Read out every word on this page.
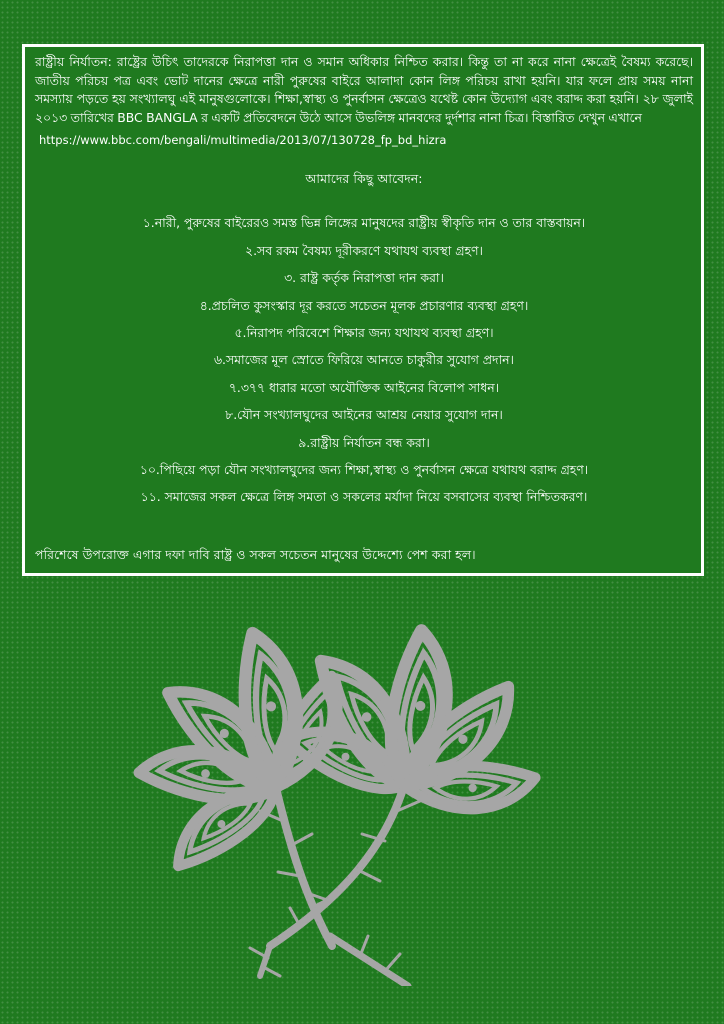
রাষ্ট্রীয় নির্যাতন: রাষ্ট্রের উচিৎ তাদেরকে নিরাপত্তা দান ও সমান অধিকার নিশ্চিত করার। কিন্তু তা না করে নানা ক্ষেত্রেই বৈষম্য করেছে। জাতীয় পরিচয় পত্র এবং ভোট দানের ক্ষেত্রে নারী পুরুষের বাইরে আলাদা কোন লিঙ্গ পরিচয় রাখা হয়নি। যার ফলে প্রায় সময় নানা সমস্যায় পড়তে হয় সংখ্যালঘু এই মানুষগুলোকে। শিক্ষা,স্বাস্থ্য ও পুনর্বাসন ক্ষেত্রেও যথেষ্ট কোন উদ্যোগ এবং বরাদ্দ করা হয়নি। ২৮ জুলাই ২০১৩ তারিখের BBC BANGLA র একটি প্রতিবেদনে উঠে আসে উভলিঙ্গ মানবদের দুর্দশার নানা চিত্র। বিস্তারিত দেখুন এখানে

https://www.bbc.com/bengali/multimedia/2013/07/130728_fp_bd_hizra

আমাদের কিছু আবেদন:

১.নারী, পুরুষের বাইরেরও সমস্ত ভিন্ন লিঙ্গের মানুষদের রাষ্ট্রীয় স্বীকৃতি দান ও তার বাস্তবায়ন।
২.সব রকম বৈষম্য দূরীকরণে যথাযথ ব্যবস্থা গ্রহণ।
৩. রাষ্ট্র কর্তৃক নিরাপত্তা দান করা।
৪.প্রচলিত কুসংস্কার দূর করতে সচেতন মূলক প্রচারণার ব্যবস্থা গ্রহণ।
৫.নিরাপদ পরিবেশে শিক্ষার জন্য যথাযথ ব্যবস্থা গ্রহণ।
৬.সমাজের মূল স্রোতে ফিরিয়ে আনতে চাকুরীর সুযোগ প্রদান।
৭.৩৭৭ ধারার মতো অযৌক্তিক আইনের বিলোপ সাধন।
৮.যৌন সংখ্যালঘুদের আইনের আশ্রয় নেয়ার সুযোগ দান।
৯.রাষ্ট্রীয় নির্যাতন বন্ধ করা।
১০.পিছিয়ে পড়া যৌন সংখ্যালঘুদের জন্য শিক্ষা,স্বাস্থ্য ও পুনর্বাসন ক্ষেত্রে যথাযথ বরাদ্দ গ্রহণ।
১১. সমাজের সকল ক্ষেত্রে লিঙ্গ সমতা ও সকলের মর্যাদা নিয়ে বসবাসের ব্যবস্থা নিশ্চিতকরণ।

পরিশেষে উপরোক্ত এগার দফা দাবি রাষ্ট্র ও সকল সচেতন মানুষের উদ্দেশ্যে পেশ করা হল।
